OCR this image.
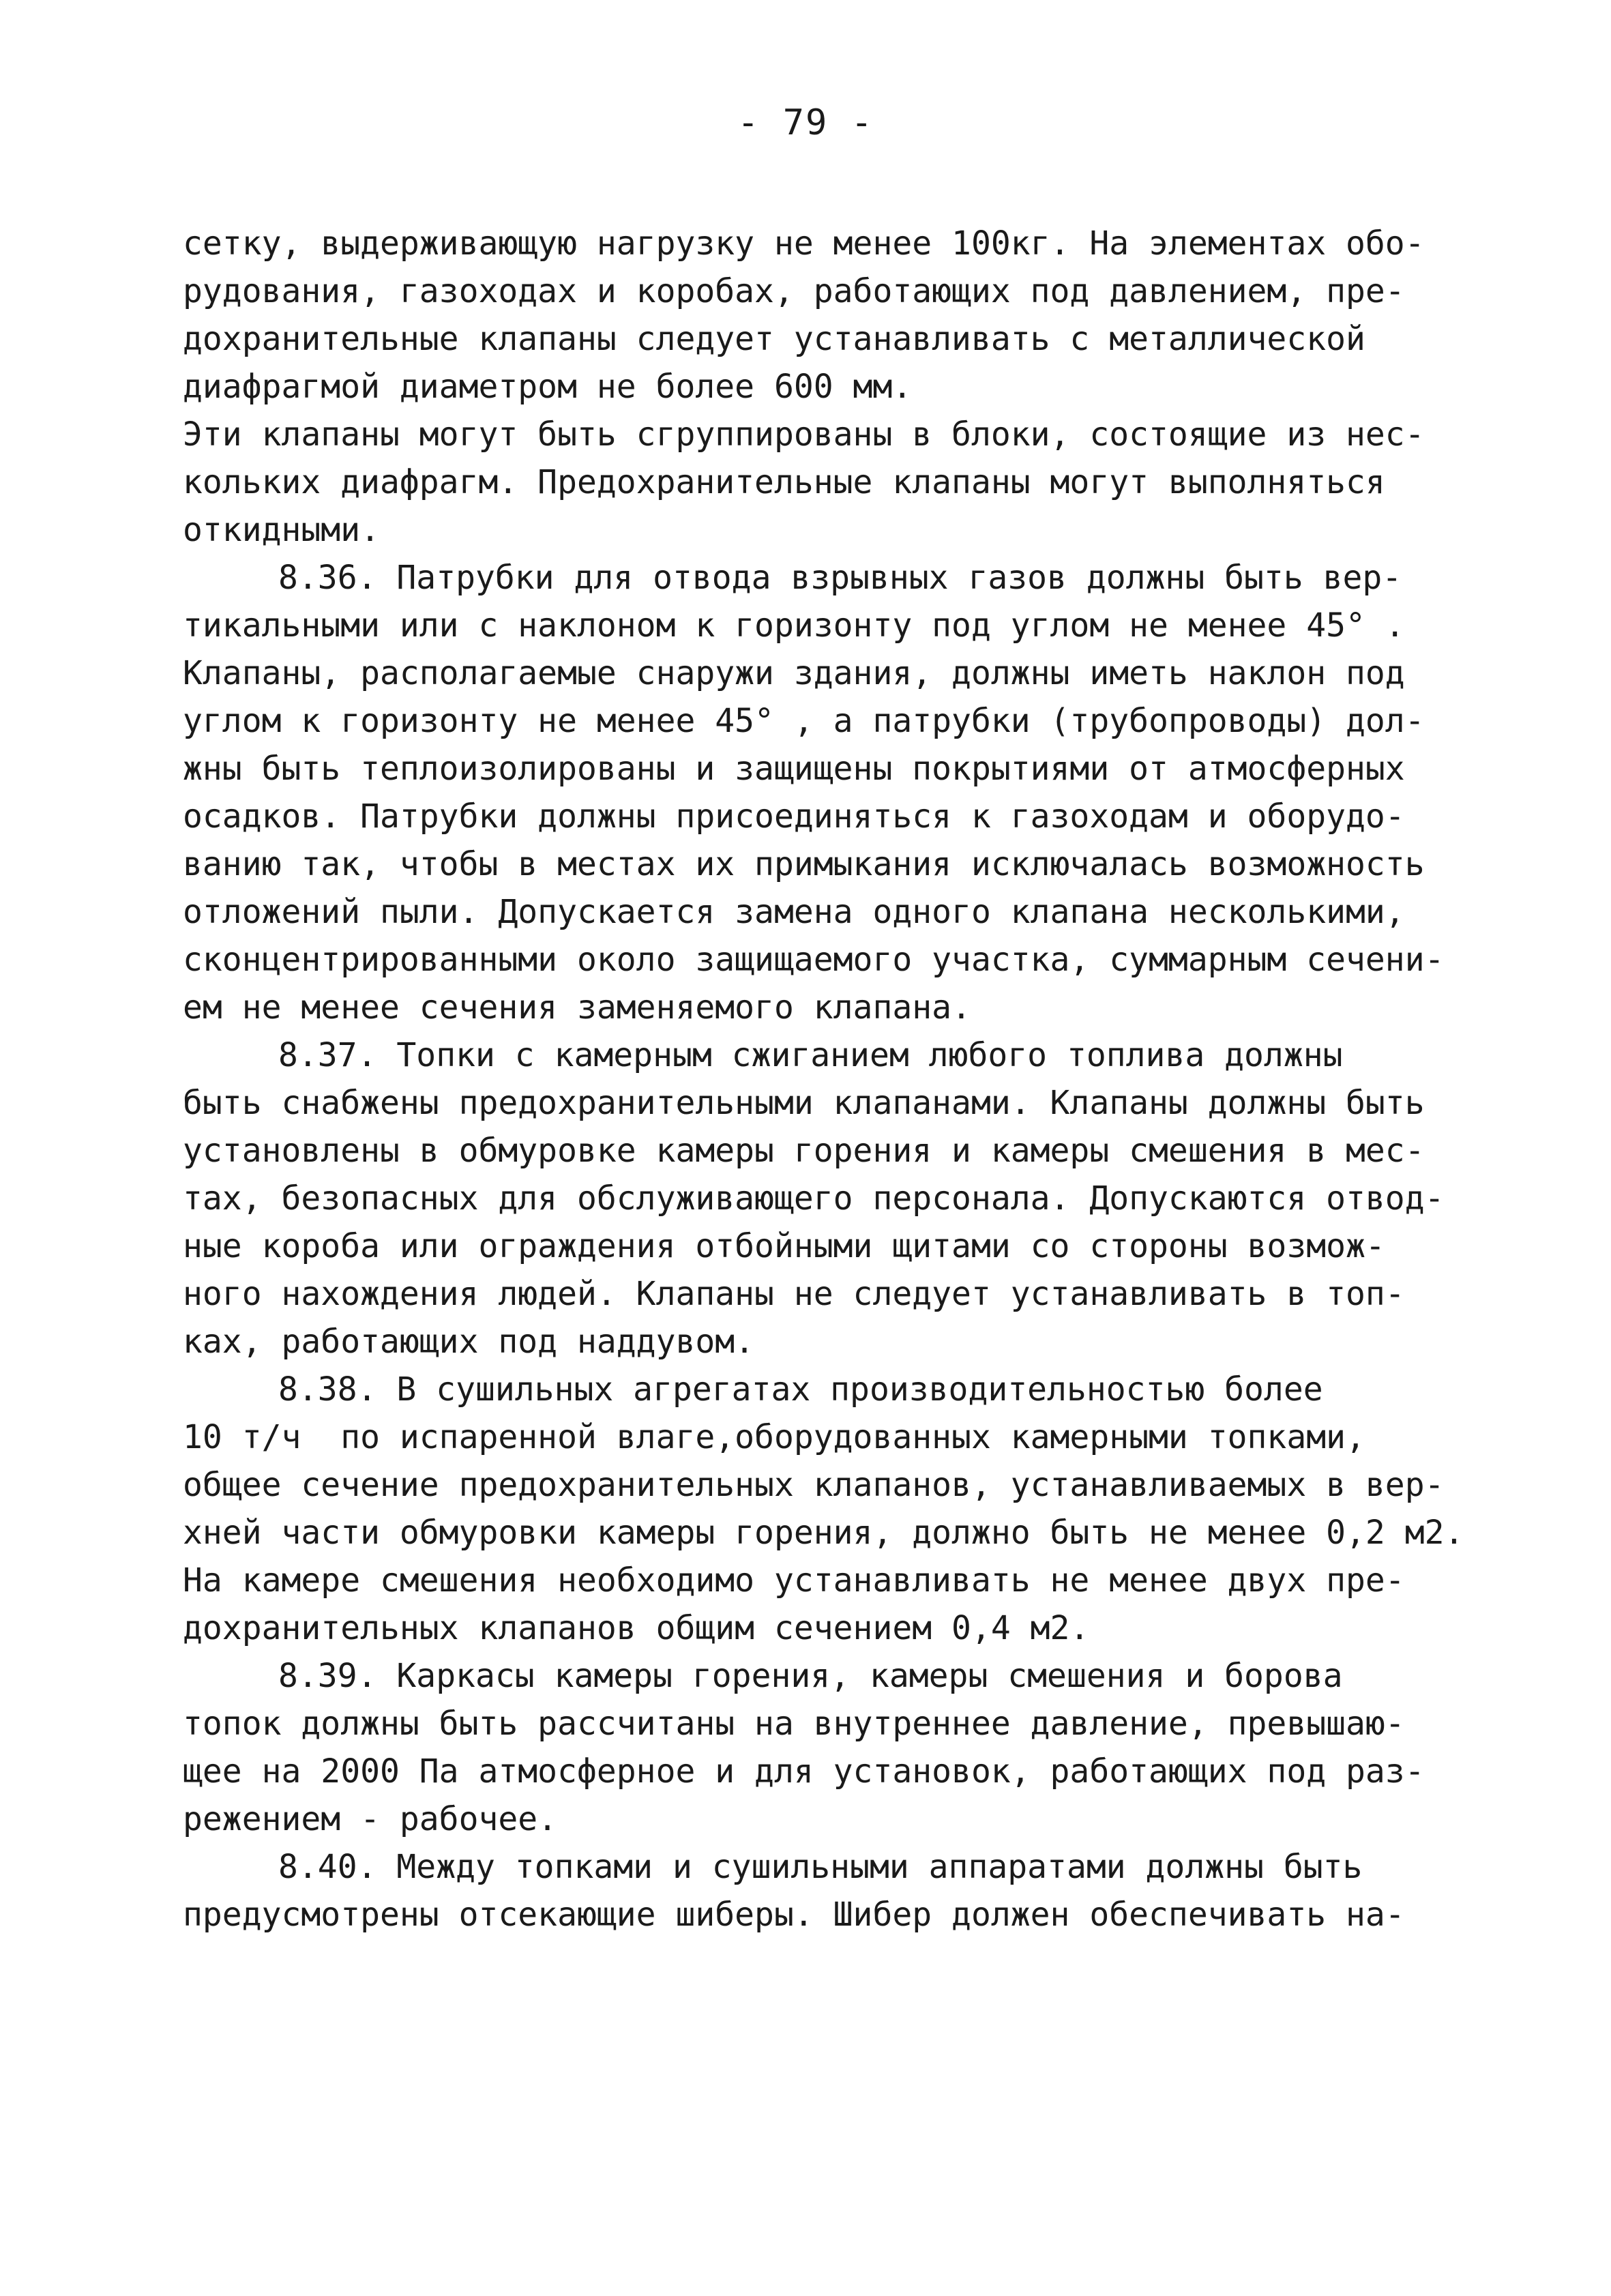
- 79 -
сетку, выдерживающую нагрузку не менее 100кг. На элементах обо-
рудования, газоходах и коробах, работающих под давлением, пре-
дохранительные клапаны следует устанавливать с металлической
диафрагмой диаметром не более 600 мм.
Эти клапаны могут быть сгруппированы в блоки, состоящие из нес-
кольких диафрагм. Предохранительные клапаны могут выполняться
откидными.
8.36. Патрубки для отвода взрывных газов должны быть вер-
тикальными или с наклоном к горизонту под углом не менее 45° .
Клапаны, располагаемые снаружи здания, должны иметь наклон под
углом к горизонту не менее 45° , а патрубки (трубопроводы) дол-
жны быть теплоизолированы и защищены покрытиями от атмосферных
осадков. Патрубки должны присоединяться к газоходам и оборудо-
ванию так, чтобы в местах их примыкания исключалась возможность
отложений пыли. Допускается замена одного клапана несколькими,
сконцентрированными около защищаемого участка, суммарным сечени-
ем не менее сечения заменяемого клапана.
8.37. Топки с камерным сжиганием любого топлива должны
быть снабжены предохранительными клапанами. Клапаны должны быть
установлены в обмуровке камеры горения и камеры смешения в мес-
тах, безопасных для обслуживающего персонала. Допускаются отвод-
ные короба или ограждения отбойными щитами со стороны возмож-
ного нахождения людей. Клапаны не следует устанавливать в топ-
ках, работающих под наддувом.
8.38. В сушильных агрегатах производительностью более
10 т/ч  по испаренной влаге,оборудованных камерными топками,
общее сечение предохранительных клапанов, устанавливаемых в вер-
хней части обмуровки камеры горения, должно быть не менее 0,2 м2.
На камере смешения необходимо устанавливать не менее двух пре-
дохранительных клапанов общим сечением 0,4 м2.
8.39. Каркасы камеры горения, камеры смешения и борова
топок должны быть рассчитаны на внутреннее давление, превышаю-
щее на 2000 Па атмосферное и для установок, работающих под раз-
режением - рабочее.
8.40. Между топками и сушильными аппаратами должны быть
предусмотрены отсекающие шиберы. Шибер должен обеспечивать на-
